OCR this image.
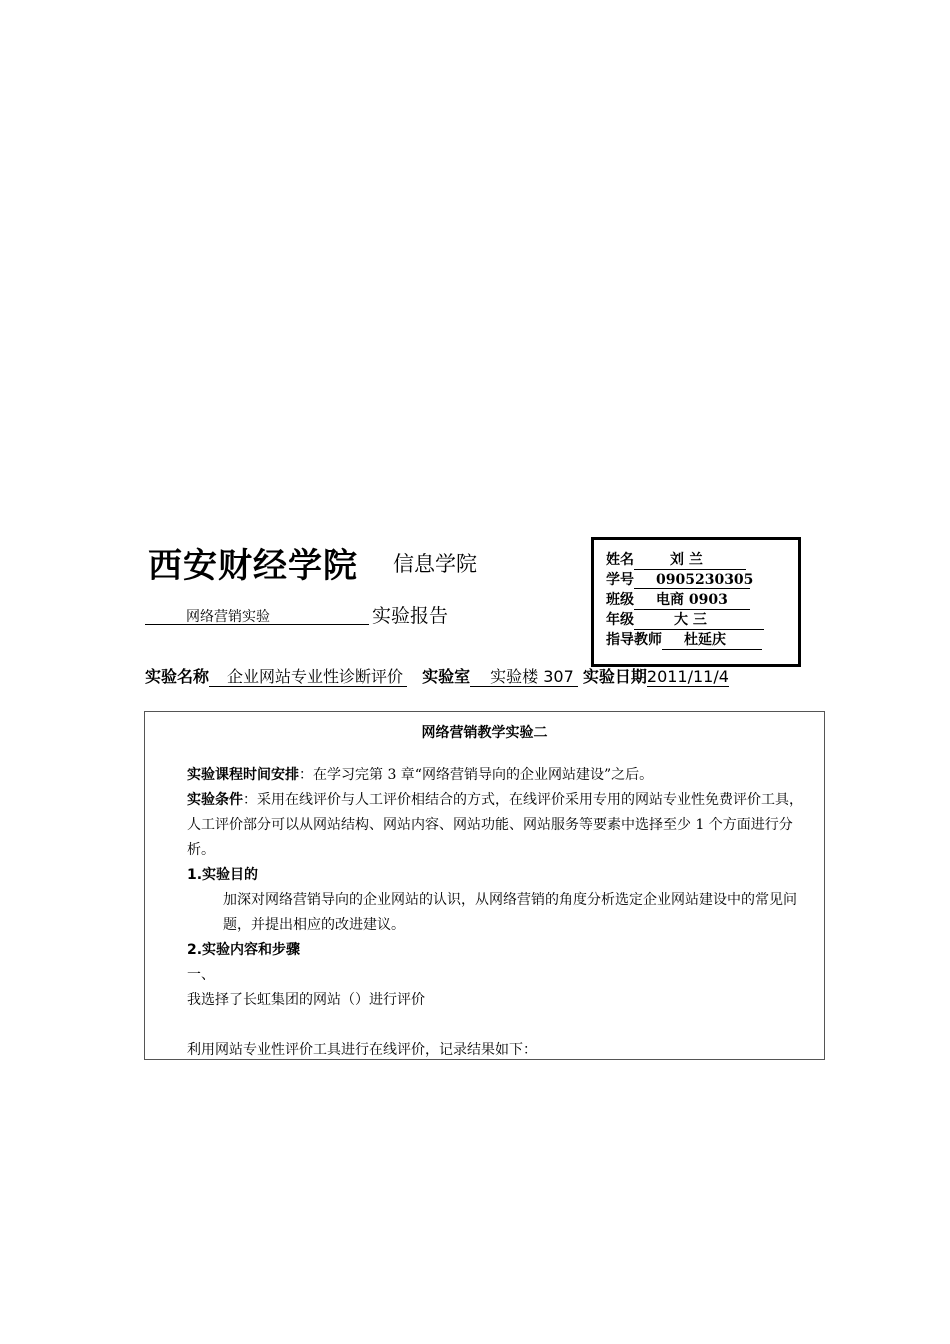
西安财经学院 信息学院
网络营销实验	实验报告
实验名称 企业网站专业性诊断评价 实验室 实验楼 307 实验日期2011/11/4
姓名	刘 兰
学号 0905230305
班级 电商 0903
年级	大 三
指导教师 杜延庆
网络营销教学实验二
实验课程时间安排：在学习完第 3 章“网络营销导向的企业网站建设”之后。
实验条件：采用在线评价与人工评价相结合的方式，在线评价采用专用的网站专业性免费评价工具，人工评价部分可以从网站结构、网站内容、网站功能、网站服务等要素中选择至少 1 个方面进行分析。
1.实验目的
加深对网络营销导向的企业网站的认识，从网络营销的角度分析选定企业网站建设中的常见问题，并提出相应的改进建议。
2.实验内容和步骤
一、
我选择了长虹集团的网站（）进行评价
利用网站专业性评价工具进行在线评价，记录结果如下：
